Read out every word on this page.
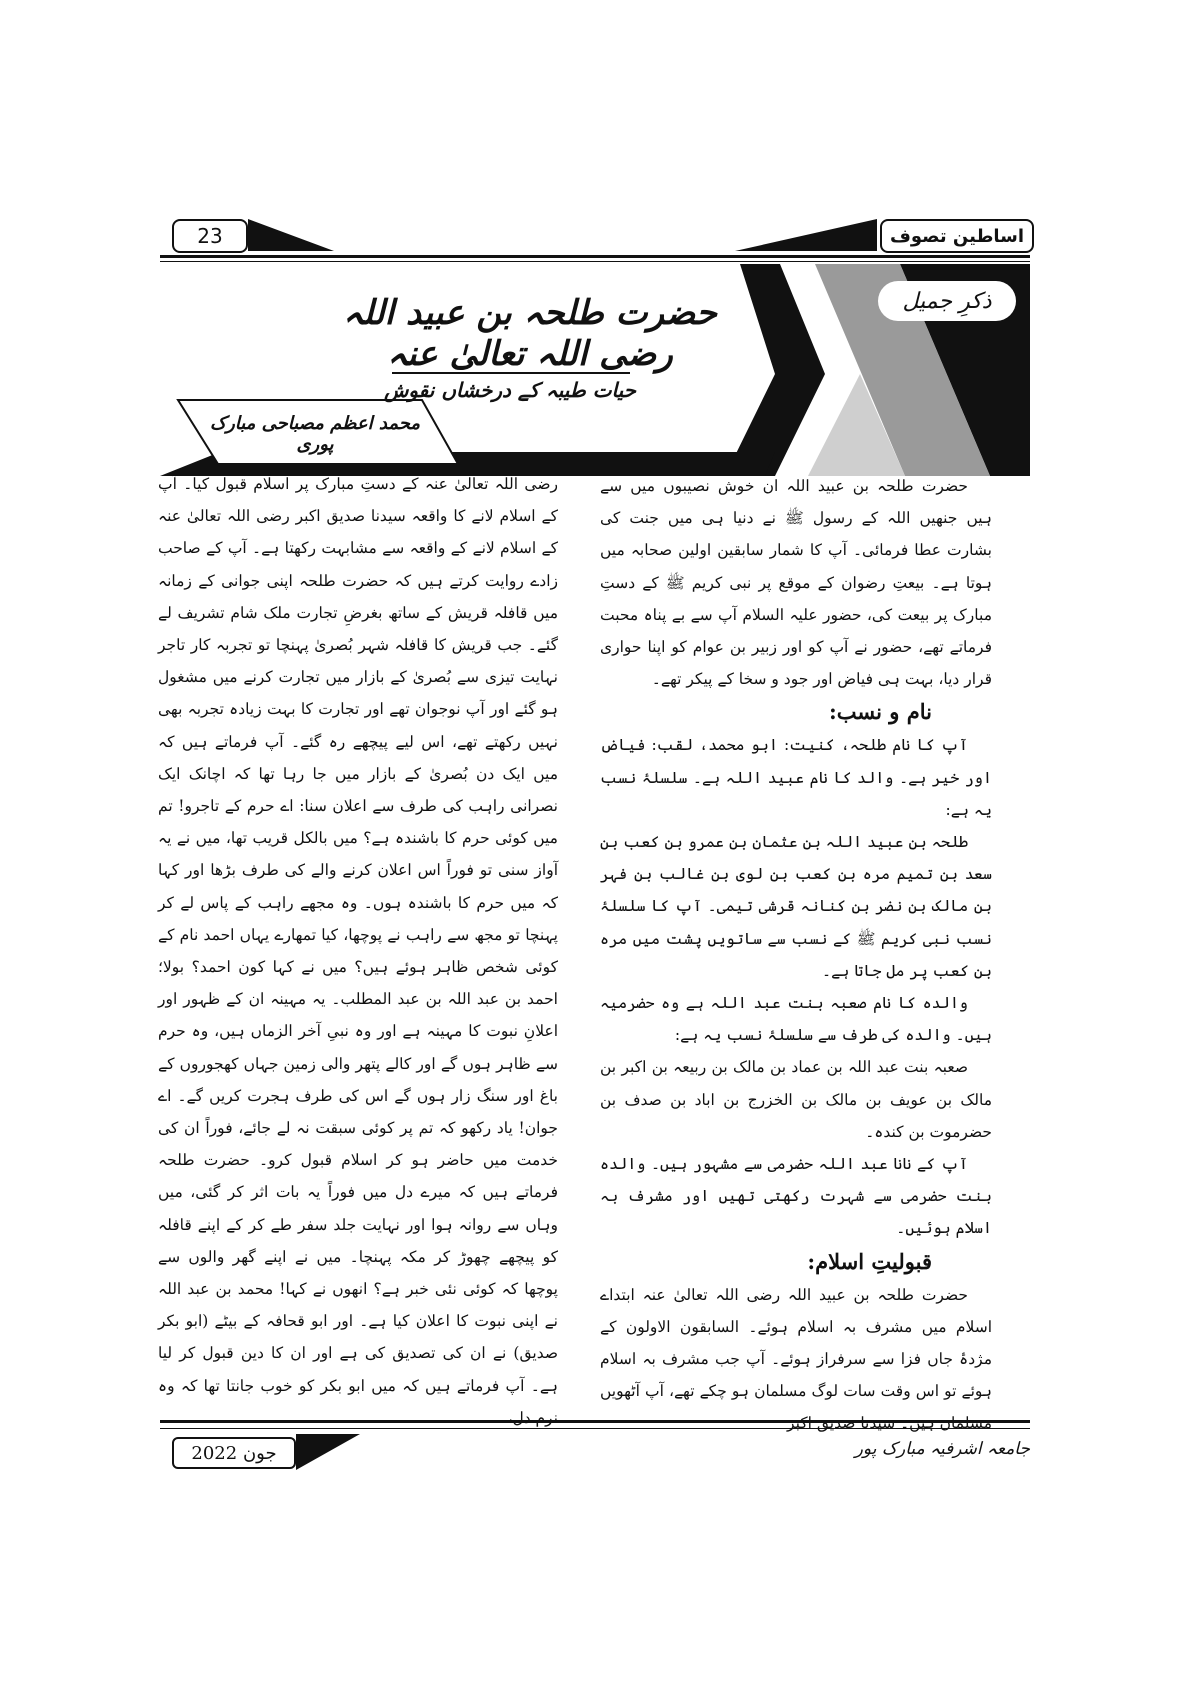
23	اساطین تصوف
ذکرِ جمیل
حضرت طلحہ بن عبید اللہ رضی اللہ تعالیٰ عنہ
حیات طیبہ کے درخشاں نقوش
محمد اعظم مصباحی مبارک پوری

حضرت طلحہ بن عبید اللہ ان خوش نصیبوں میں سے ہیں جنھیں اللہ کے رسول ﷺ نے دنیا ہی میں جنت کی بشارت عطا فرمائی۔ آپ کا شمار سابقین اولین صحابہ میں ہوتا ہے۔ بیعتِ رضوان کے موقع پر نبی کریم ﷺ کے دستِ مبارک پر بیعت کی، حضور علیہ السلام آپ سے بے پناہ محبت فرماتے تھے، حضور نے آپ کو اور زبیر بن عوام کو اپنا حواری قرار دیا، بہت ہی فیاض اور جود و سخا کے پیکر تھے۔

نام و نسب:

آپ کا نام طلحہ، کنیت: ابو محمد، لقب: فیاض اور خیر ہے۔ والد کا نام عبید اللہ ہے۔ سلسلۂ نسب یہ ہے:

طلحہ بن عبید اللہ بن عثمان بن عمرو بن کعب بن سعد بن تمیم مرہ بن کعب بن لوی بن غالب بن فہر بن مالک بن نضر بن کنانہ قرشی تیمی۔ آپ کا سلسلۂ نسب نبی کریم ﷺ کے نسب سے ساتویں پشت میں مرہ بن کعب پر مل جاتا ہے۔

والدہ کا نام صعبہ بنت عبد اللہ ہے وہ حضرمیہ ہیں۔ والدہ کی طرف سے سلسلۂ نسب یہ ہے:

صعبہ بنت عبد اللہ بن عماد بن مالک بن ربیعہ بن اکبر بن مالک بن عویف بن مالک بن الخزرج بن اباد بن صدف بن حضرموت بن کندہ۔

آپ کے نانا عبد اللہ حضرمی سے مشہور ہیں۔ والدہ بنت حضرمی سے شہرت رکھتی تھیں اور مشرف بہ اسلام ہوئیں۔

قبولیتِ اسلام:

حضرت طلحہ بن عبید اللہ رضی اللہ تعالیٰ عنہ ابتداے اسلام میں مشرف بہ اسلام ہوئے۔ السابقون الاولون کے مژدۂ جاں فزا سے سرفراز ہوئے۔ آپ جب مشرف بہ اسلام ہوئے تو اس وقت سات لوگ مسلمان ہو چکے تھے، آپ آٹھویں مسلمان ہیں۔ سیدنا صدیق اکبر

رضی اللہ تعالیٰ عنہ کے دستِ مبارک پر اسلام قبول کیا۔ آپ کے اسلام لانے کا واقعہ سیدنا صدیق اکبر رضی اللہ تعالیٰ عنہ کے اسلام لانے کے واقعہ سے مشابہت رکھتا ہے۔ آپ کے صاحب زادے روایت کرتے ہیں کہ حضرت طلحہ اپنی جوانی کے زمانہ میں قافلہ قریش کے ساتھ بغرضِ تجارت ملک شام تشریف لے گئے۔ جب قریش کا قافلہ شہر بُصریٰ پہنچا تو تجربہ کار تاجر نہایت تیزی سے بُصریٰ کے بازار میں تجارت کرنے میں مشغول ہو گئے اور آپ نوجوان تھے اور تجارت کا بہت زیادہ تجربہ بھی نہیں رکھتے تھے، اس لیے پیچھے رہ گئے۔ آپ فرماتے ہیں کہ میں ایک دن بُصریٰ کے بازار میں جا رہا تھا کہ اچانک ایک نصرانی راہب کی طرف سے اعلان سنا: اے حرم کے تاجرو! تم میں کوئی حرم کا باشندہ ہے؟ میں بالکل قریب تھا، میں نے یہ آواز سنی تو فوراً اس اعلان کرنے والے کی طرف بڑھا اور کہا کہ میں حرم کا باشندہ ہوں۔ وہ مجھے راہب کے پاس لے کر پہنچا تو مجھ سے راہب نے پوچھا، کیا تمھارے یہاں احمد نام کے کوئی شخص ظاہر ہوئے ہیں؟ میں نے کہا کون احمد؟ بولا؛ احمد بن عبد اللہ بن عبد المطلب۔ یہ مہینہ ان کے ظہور اور اعلانِ نبوت کا مہینہ ہے اور وہ نبیِ آخر الزماں ہیں، وہ حرم سے ظاہر ہوں گے اور کالے پتھر والی زمین جہاں کھجوروں کے باغ اور سنگ زار ہوں گے اس کی طرف ہجرت کریں گے۔ اے جوان! یاد رکھو کہ تم پر کوئی سبقت نہ لے جائے، فوراً ان کی خدمت میں حاضر ہو کر اسلام قبول کرو۔ حضرت طلحہ فرماتے ہیں کہ میرے دل میں فوراً یہ بات اثر کر گئی، میں وہاں سے روانہ ہوا اور نہایت جلد سفر طے کر کے اپنے قافلہ کو پیچھے چھوڑ کر مکہ پہنچا۔ میں نے اپنے گھر والوں سے پوچھا کہ کوئی نئی خبر ہے؟ انھوں نے کہا! محمد بن عبد اللہ نے اپنی نبوت کا اعلان کیا ہے۔ اور ابو قحافہ کے بیٹے (ابو بکر صدیق) نے ان کی تصدیق کی ہے اور ان کا دین قبول کر لیا ہے۔ آپ فرماتے ہیں کہ میں ابو بکر کو خوب جانتا تھا کہ وہ نرم دل،

جون 2022	جامعہ اشرفیہ مبارک پور
